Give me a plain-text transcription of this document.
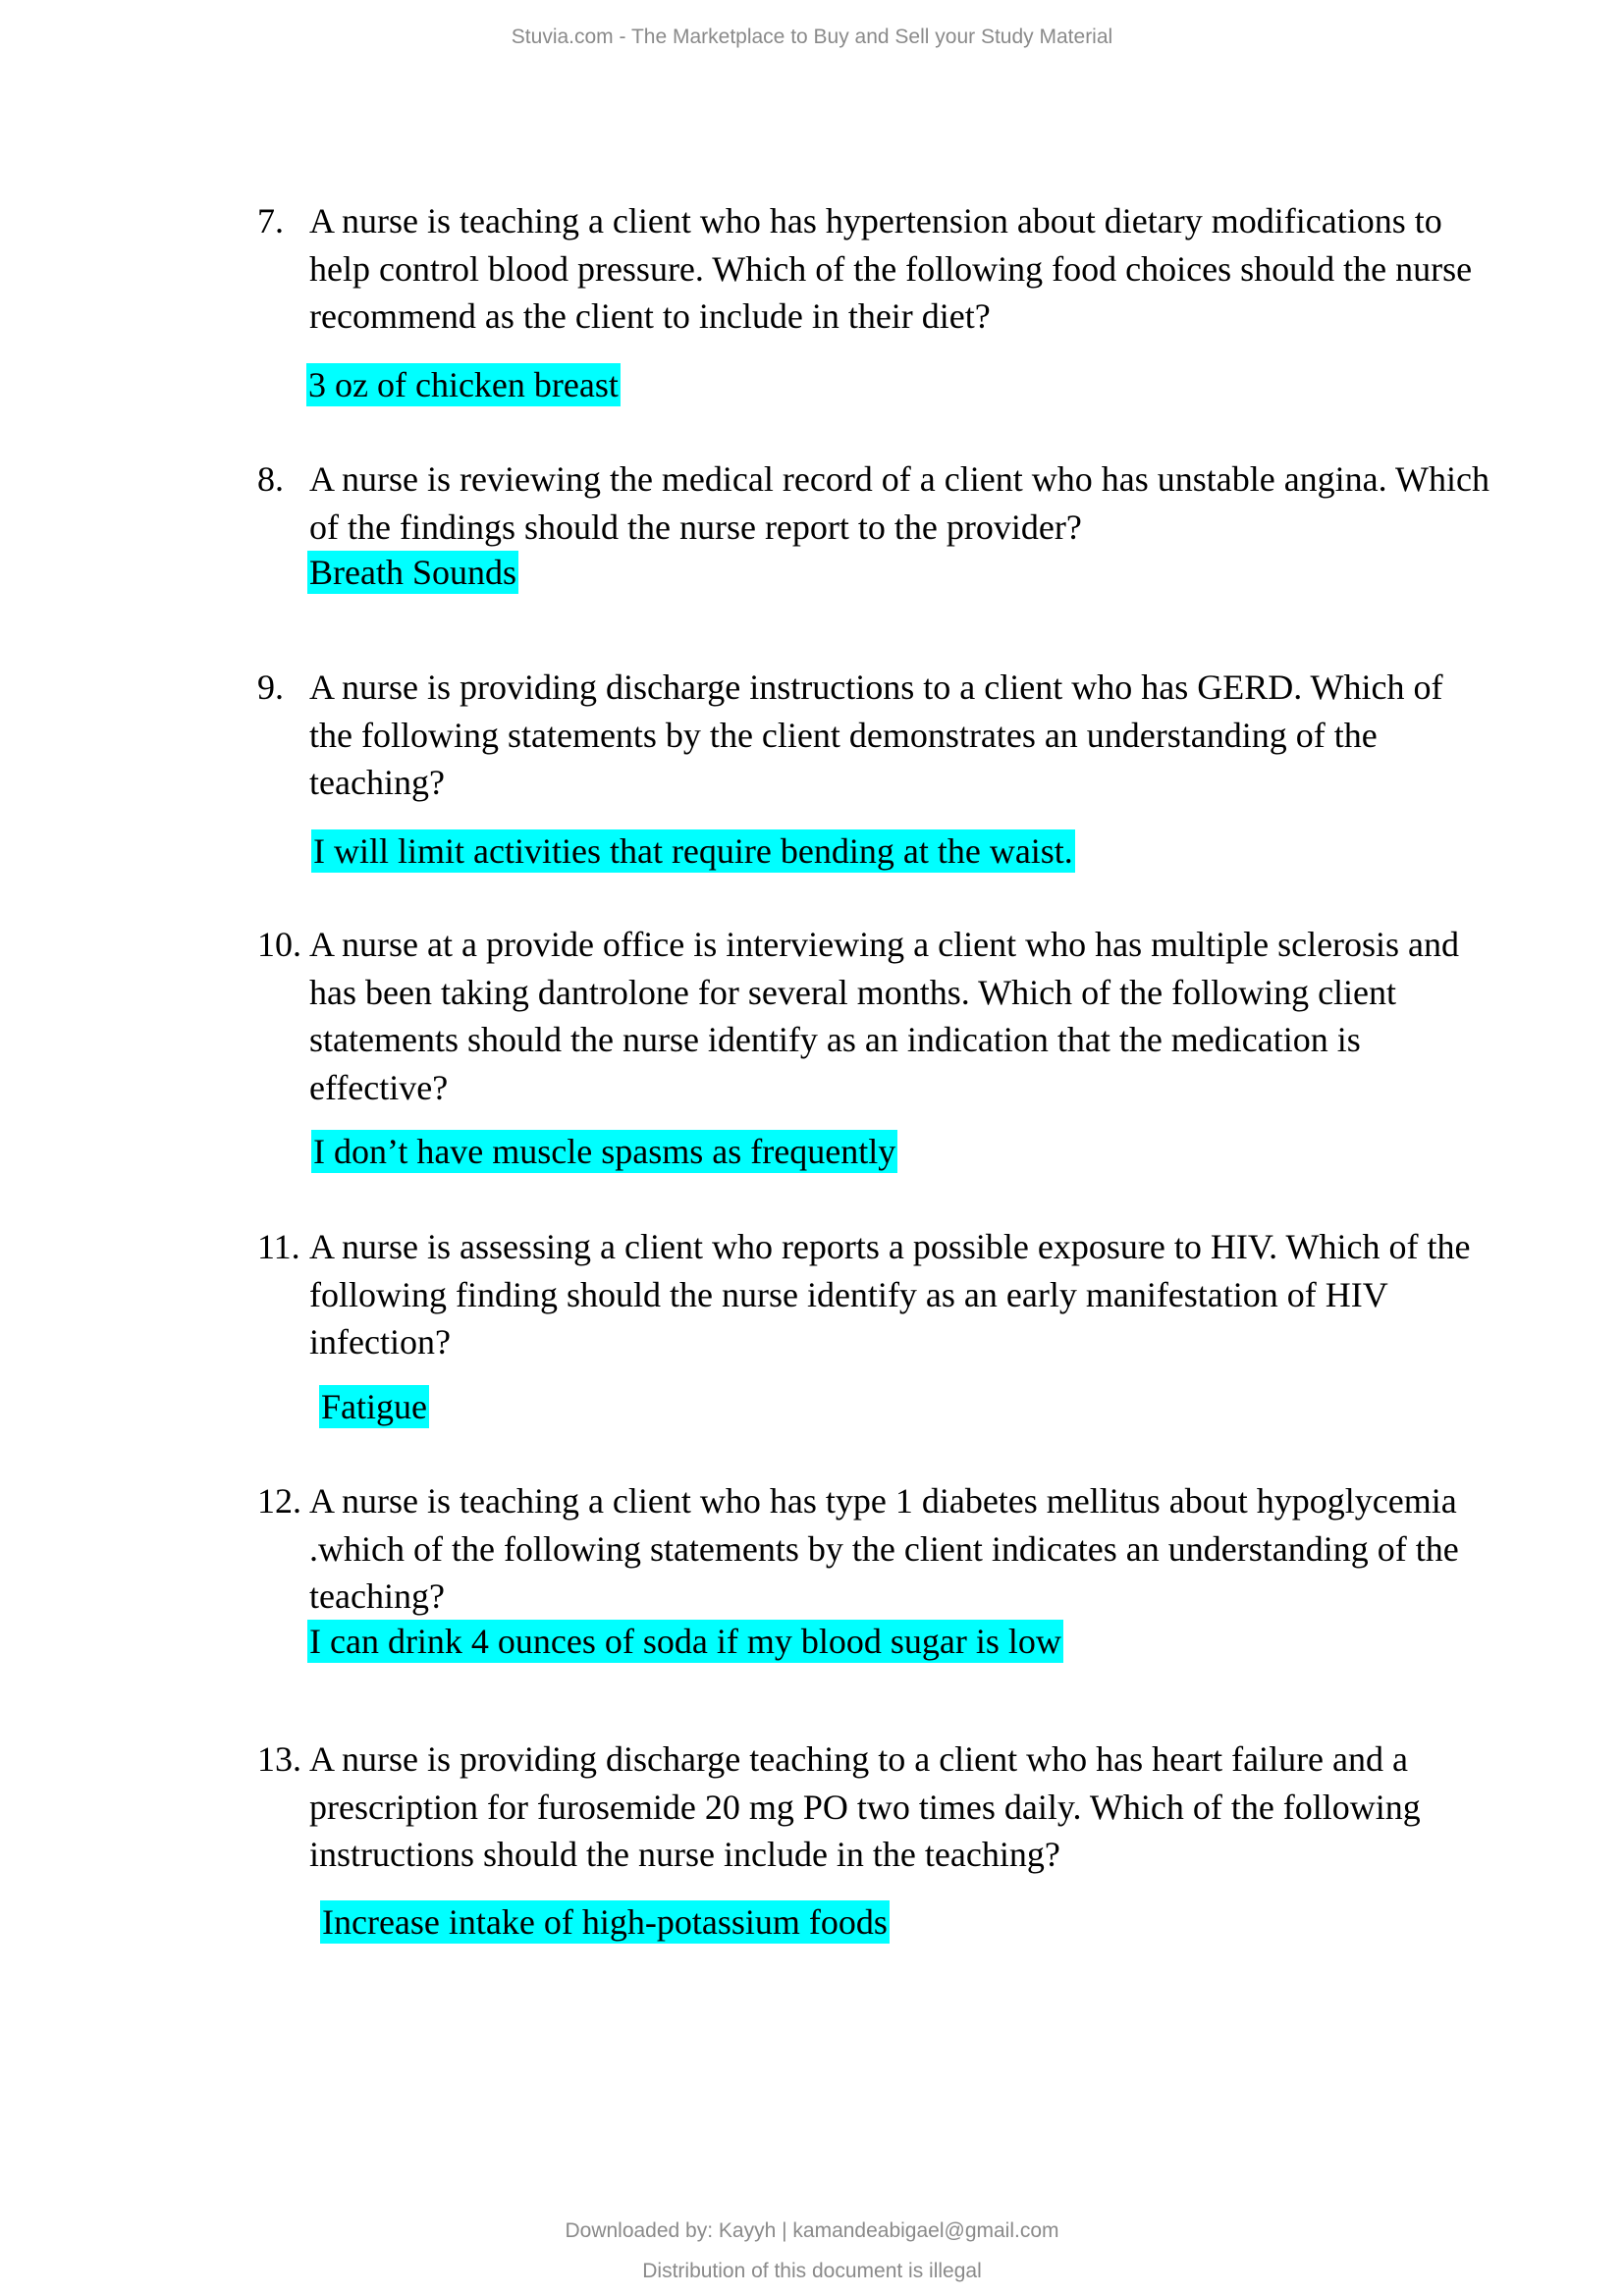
Stuvia.com - The Marketplace to Buy and Sell your Study Material
7. A nurse is teaching a client who has hypertension about dietary modifications to help control blood pressure. Which of the following food choices should the nurse recommend as the client to include in their diet?
3 oz of chicken breast
8. A nurse is reviewing the medical record of a client who has unstable angina. Which of the findings should the nurse report to the provider?
Breath Sounds
9. A nurse is providing discharge instructions to a client who has GERD. Which of the following statements by the client demonstrates an understanding of the teaching?
I will limit activities that require bending at the waist.
10. A nurse at a provide office is interviewing a client who has multiple sclerosis and has been taking dantrolone for several months. Which of the following client statements should the nurse identify as an indication that the medication is effective?
I don’t have muscle spasms as frequently
11. A nurse is assessing a client who reports a possible exposure to HIV. Which of the following finding should the nurse identify as an early manifestation of HIV infection?
Fatigue
12. A nurse is teaching a client who has type 1 diabetes mellitus about hypoglycemia .which of the following statements by the client indicates an understanding of the teaching?
I can drink 4 ounces of soda if my blood sugar is low
13. A nurse is providing discharge teaching to a client who has heart failure and a prescription for furosemide 20 mg PO two times daily. Which of the following instructions should the nurse include in the teaching?
Increase intake of high-potassium foods
Downloaded by: Kayyh | kamandeabigael@gmail.com
Distribution of this document is illegal
